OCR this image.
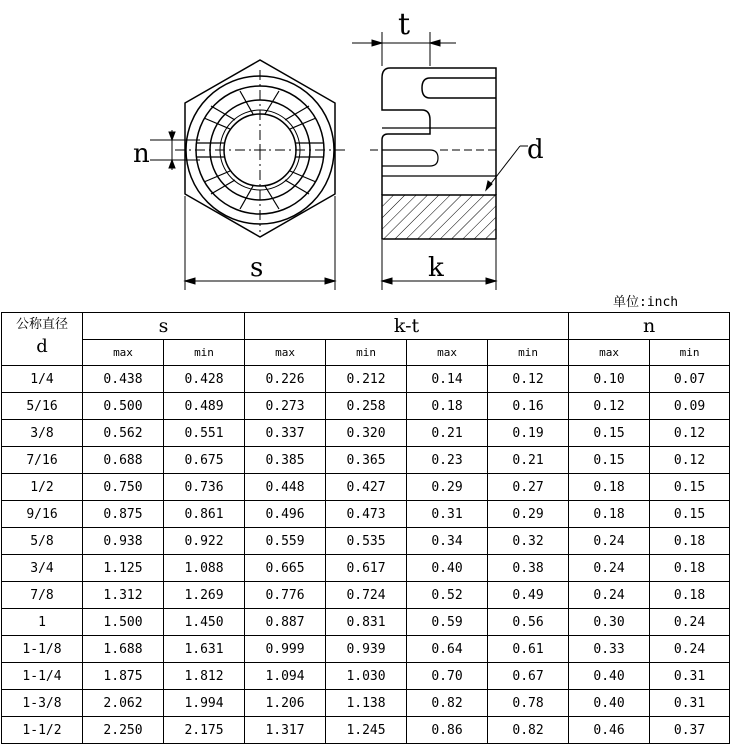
n
s
t
d
k
单位:inch
公称直径
d	s		k-t				n	
	max	min	max	min	max	min	max	min
1/4	0.438	0.428	0.226	0.212	0.14	0.12	0.10	0.07
5/16	0.500	0.489	0.273	0.258	0.18	0.16	0.12	0.09
3/8	0.562	0.551	0.337	0.320	0.21	0.19	0.15	0.12
7/16	0.688	0.675	0.385	0.365	0.23	0.21	0.15	0.12
1/2	0.750	0.736	0.448	0.427	0.29	0.27	0.18	0.15
9/16	0.875	0.861	0.496	0.473	0.31	0.29	0.18	0.15
5/8	0.938	0.922	0.559	0.535	0.34	0.32	0.24	0.18
3/4	1.125	1.088	0.665	0.617	0.40	0.38	0.24	0.18
7/8	1.312	1.269	0.776	0.724	0.52	0.49	0.24	0.18
1	1.500	1.450	0.887	0.831	0.59	0.56	0.30	0.24
1-1/8	1.688	1.631	0.999	0.939	0.64	0.61	0.33	0.24
1-1/4	1.875	1.812	1.094	1.030	0.70	0.67	0.40	0.31
1-3/8	2.062	1.994	1.206	1.138	0.82	0.78	0.40	0.31
1-1/2	2.250	2.175	1.317	1.245	0.86	0.82	0.46	0.37
